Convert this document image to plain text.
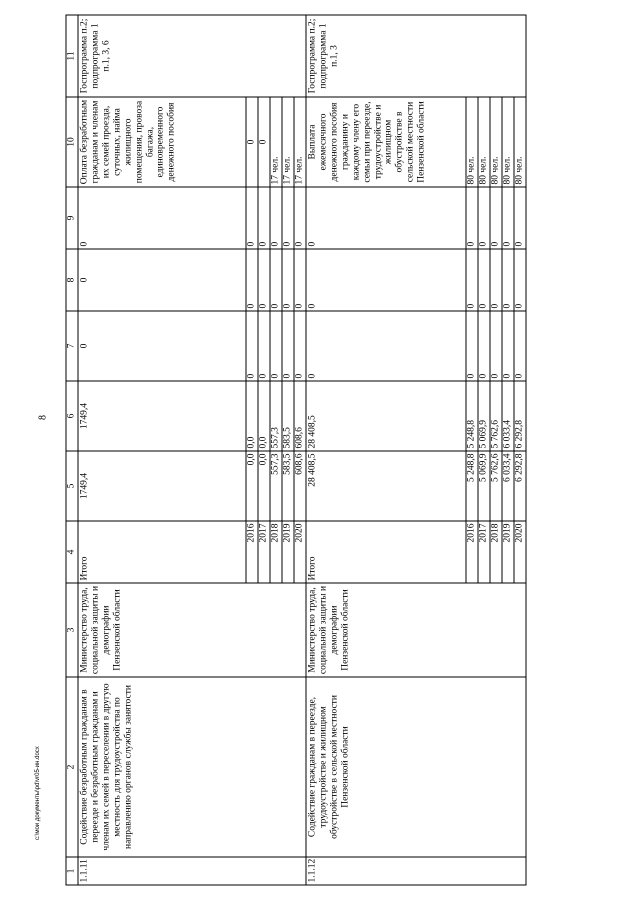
8
1	2	3	4	5	6	7	8	9	10	11
1.1.11	Содействие безработным гражданам в переезде и безработным гражданам и членам их семей в переселении в другую местность для трудоустройства по направлению органов службы занятости	Министерство труда, социальной защиты и демографии Пензенской области	Итого	1749,4	1749,4	0	0	0	Оплата безработным гражданам и членам их семей проезда, суточных, найма жилищного помещения, провоза багажа, единовременного денежного пособия	Госпрограмма п.2; подпрограмма 1 п.1, 3, 6
			2016	0,0	0,0	0	0	0	0	
			2017	0,0	0,0	0	0	0	0	
			2018	557,3	557,3	0	0	0	17 чел.	
			2019	583,5	583,5	0	0	0	17 чел.	
			2020	608,6	608,6	0	0	0	17 чел.	
1.1.12	Содействие гражданам в переезде, трудоустройстве и жилищном обустройстве в сельской местности Пензенской области	Министерство труда, социальной защиты и демографии Пензенской области	Итого	28 408,5	28 408,5	0	0	0	Выплата ежемесячного денежного пособия гражданину и каждому члену его семьи при переезде, трудоустройстве и жилищном обустройстве в сельской местности Пензенской области	Госпрограмма п.2; подпрограмма 1 п.1, 3
			2016	5 248,8	5 248,8	0	0	0	80 чел.	
			2017	5 069,9	5 069,9	0	0	0	80 чел.	
			2018	5 762,6	5 762,6	0	0	0	80 чел.	
			2019	6 033,4	6 033,4	0	0	0	80 чел.	
			2020	6 292,8	6 292,8	0	0	0	80 чел.	
c:\мои документы\pd\vr05-ин.docx
